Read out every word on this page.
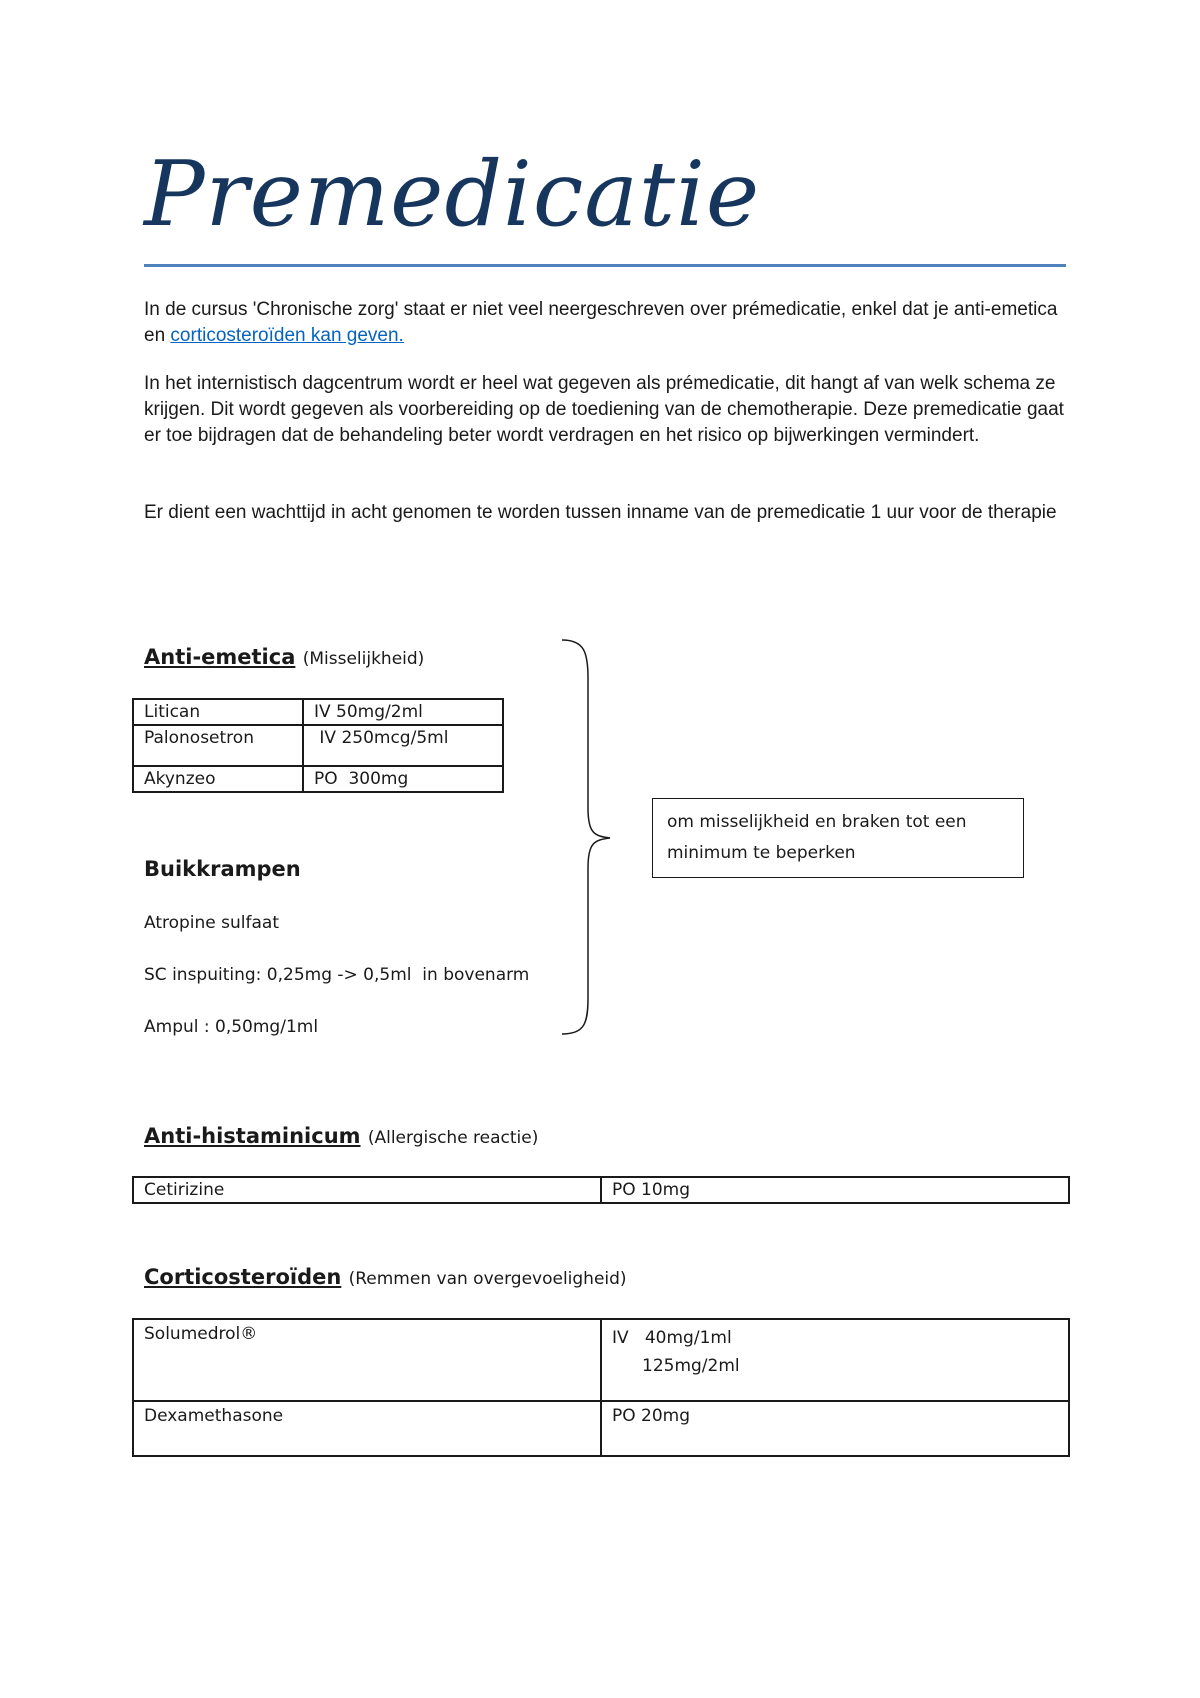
Premedicatie
In de cursus 'Chronische zorg' staat er niet veel neergeschreven over prémedicatie, enkel dat je anti-emetica en corticosteroïden kan geven.
In het internistisch dagcentrum wordt er heel wat gegeven als prémedicatie, dit hangt af van welk schema ze krijgen. Dit wordt gegeven als voorbereiding op de toediening van de chemotherapie. Deze premedicatie gaat er toe bijdragen dat de behandeling beter wordt verdragen en het risico op bijwerkingen vermindert.
Er dient een wachttijd in acht genomen te worden tussen inname van de premedicatie 1 uur voor de therapie
Anti-emetica (Misselijkheid)
Litican	IV 50mg/2ml
Palonosetron	IV 250mcg/5ml
Akynzeo	PO  300mg
Buikkrampen
Atropine sulfaat
SC inspuiting: 0,25mg -> 0,5ml  in bovenarm
Ampul : 0,50mg/1ml
om misselijkheid en braken tot een minimum te beperken
Anti-histaminicum (Allergische reactie)
Cetirizine	PO 10mg
Corticosteroïden (Remmen van overgevoeligheid)
Solumedrol®	IV   40mg/1ml
125mg/2ml

Dexamethasone	PO 20mg
